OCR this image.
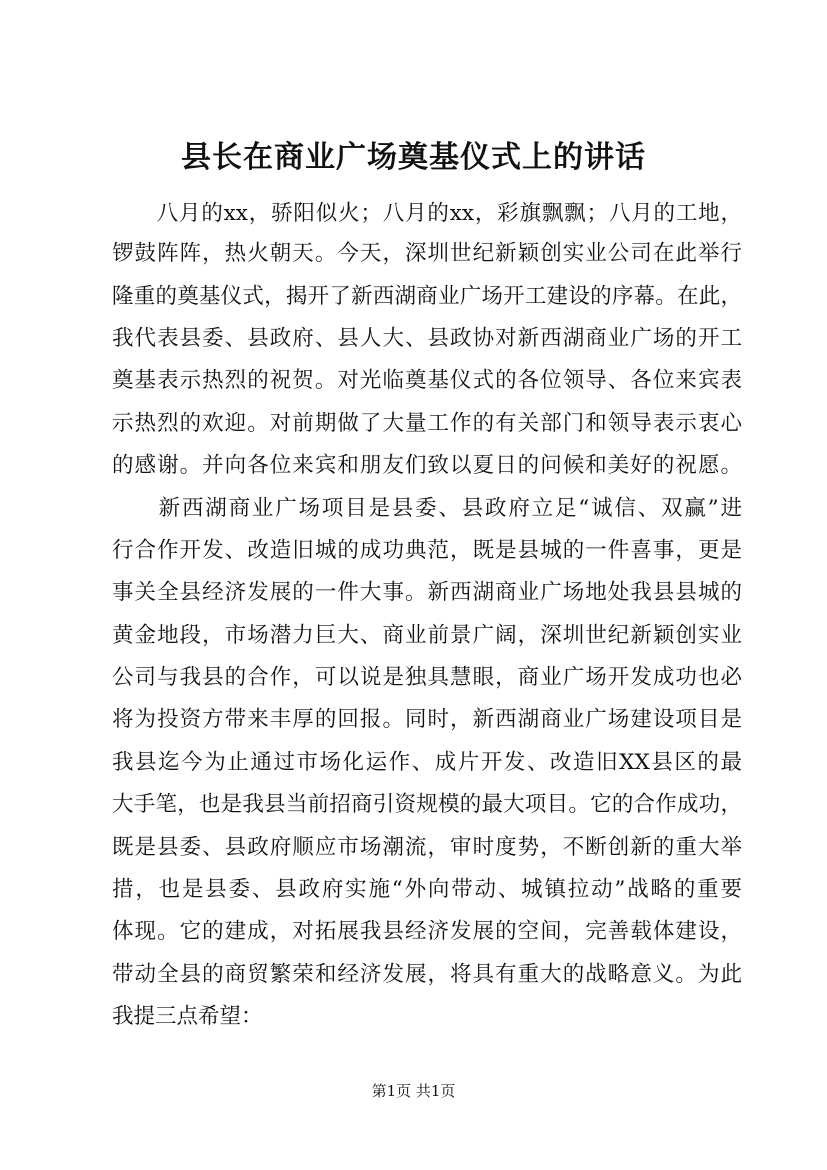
县长在商业广场奠基仪式上的讲话
　　八月的xx，骄阳似火；八月的xx，彩旗飘飘；八月的工地，
锣鼓阵阵，热火朝天。今天，深圳世纪新颖创实业公司在此举行
隆重的奠基仪式，揭开了新西湖商业广场开工建设的序幕。在此，
我代表县委、县政府、县人大、县政协对新西湖商业广场的开工
奠基表示热烈的祝贺。对光临奠基仪式的各位领导、各位来宾表
示热烈的欢迎。对前期做了大量工作的有关部门和领导表示衷心
的感谢。并向各位来宾和朋友们致以夏日的问候和美好的祝愿。
　　新西湖商业广场项目是县委、县政府立足“诚信、双赢”进
行合作开发、改造旧城的成功典范，既是县城的一件喜事，更是
事关全县经济发展的一件大事。新西湖商业广场地处我县县城的
黄金地段，市场潜力巨大、商业前景广阔，深圳世纪新颖创实业
公司与我县的合作，可以说是独具慧眼，商业广场开发成功也必
将为投资方带来丰厚的回报。同时，新西湖商业广场建设项目是
我县迄今为止通过市场化运作、成片开发、改造旧XX县区的最
大手笔，也是我县当前招商引资规模的最大项目。它的合作成功，
既是县委、县政府顺应市场潮流，审时度势，不断创新的重大举
措，也是县委、县政府实施“外向带动、城镇拉动”战略的重要
体现。它的建成，对拓展我县经济发展的空间，完善载体建设，
带动全县的商贸繁荣和经济发展，将具有重大的战略意义。为此
我提三点希望：
第1页 共1页
